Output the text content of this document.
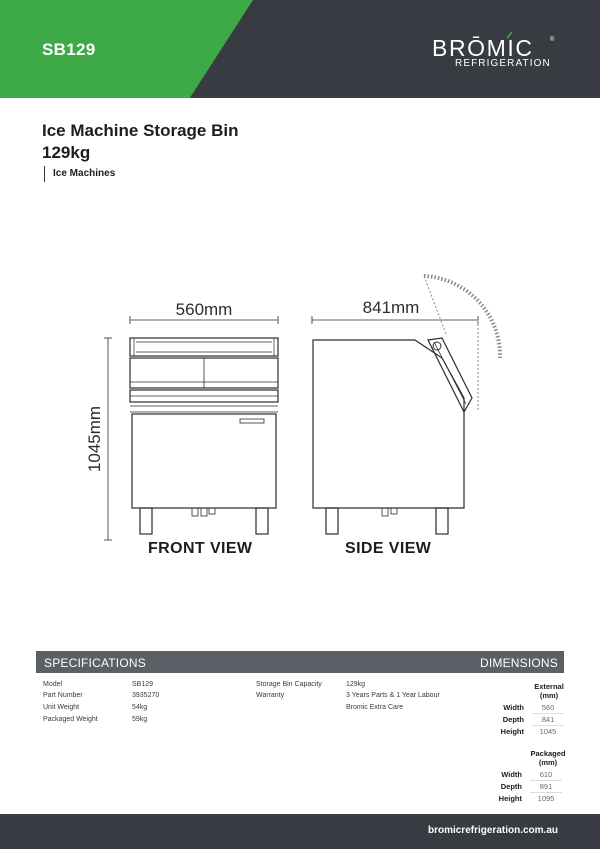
SB129	BRŌMIC	®
REFRIGERATION
Ice Machine Storage Bin
129kg
Ice Machines
560mm	841mm
1045mm
FRONT VIEW	SIDE VIEW
SPECIFICATIONS	DIMENSIONS
Model	SB129
Part Number	3935270
Unit Weight	54kg
Packaged Weight	59kg
Storage Bin Capacity	129kg
Warranty	3 Years Parts & 1 Year Labour
Bromic Extra Care
External
(mm)
Width	560
Depth	841
Height	1045
Packaged
(mm)
Width	610
Depth	891
Height	1095
bromicrefrigeration.com.au
